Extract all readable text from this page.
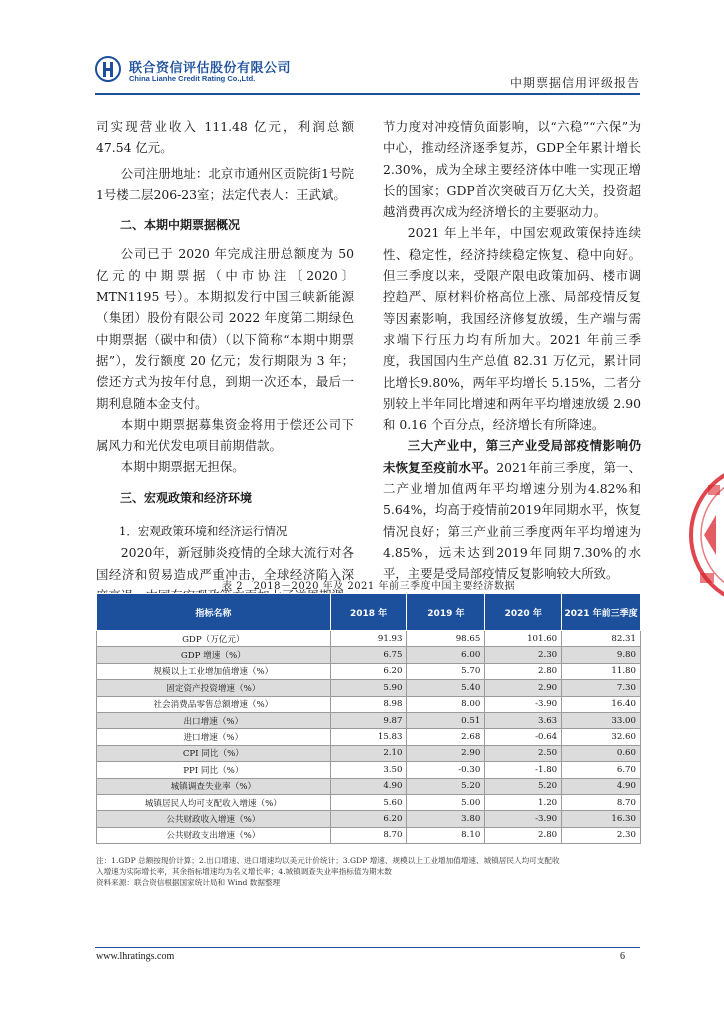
联合资信评估股份有限公司
China Lianhe Credit Rating Co.,Ltd.	中期票据信用评级报告

司实现营业收入 111.48 亿元，利润总额 47.54 亿元。

公司注册地址：北京市通州区贡院街1号院1号楼二层206-23室；法定代表人：王武斌。

二、本期中期票据概况

公司已于 2020 年完成注册总额度为 50 亿元的中期票据（中市协注〔2020〕MTN1195 号）。本期拟发行中国三峡新能源（集团）股份有限公司 2022 年度第二期绿色中期票据（碳中和债）（以下简称“本期中期票据”），发行额度 20 亿元；发行期限为 3 年；偿还方式为按年付息，到期一次还本，最后一期利息随本金支付。

本期中期票据募集资金将用于偿还公司下属风力和光伏发电项目前期借款。

本期中期票据无担保。

三、宏观政策和经济环境

1．宏观政策环境和经济运行情况

2020年，新冠肺炎疫情的全球大流行对各国经济和贸易造成严重冲击，全球经济陷入深

节力度对冲疫情负面影响，以“六稳”“六保”为中心，推动经济逐季复苏，GDP全年累计增长2.30%，成为全球主要经济体中唯一实现正增长的国家；GDP首次突破百万亿大关，投资超越消费再次成为经济增长的主要驱动力。

2021 年上半年，中国宏观政策保持连续性、稳定性，经济持续稳定恢复、稳中向好。但三季度以来，受限产限电政策加码、楼市调控趋严、原材料价格高位上涨、局部疫情反复等因素影响，我国经济修复放缓，生产端与需求端下行压力均有所加大。2021 年前三季度，我国国内生产总值 82.31 万亿元，累计同比增长9.80%，两年平均增长 5.15%，二者分别较上半年同比增速和两年平均增速放缓 2.90 和 0.16 个百分点，经济增长有所降速。

三大产业中，第三产业受局部疫情影响仍未恢复至疫前水平。2021年前三季度，第一、二产业增加值两年平均增速分别为4.82%和5.64%，均高于疫情前2019年同期水平，恢复情况良好；第三产业前三季度两年平均增速为4.85%，远未达到2019年同期7.30%的水平，主要是受局部疫情反复影响较大所致。

表 2　2018－2020 年及 2021 年前三季度中国主要经济数据
指标名称	2018 年	2019 年	2020 年	2021 年前三季度
GDP（万亿元）	91.93	98.65	101.60	82.31
GDP 增速（%）	6.75	6.00	2.30	9.80
规模以上工业增加值增速（%）	6.20	5.70	2.80	11.80
固定资产投资增速（%）	5.90	5.40	2.90	7.30
社会消费品零售总额增速（%）	8.98	8.00	-3.90	16.40
出口增速（%）	9.87	0.51	3.63	33.00
进口增速（%）	15.83	2.68	-0.64	32.60
CPI 同比（%）	2.10	2.90	2.50	0.60
PPI 同比（%）	3.50	-0.30	-1.80	6.70
城镇调查失业率（%）	4.90	5.20	5.20	4.90
城镇居民人均可支配收入增速（%）	5.60	5.00	1.20	8.70
公共财政收入增速（%）	6.20	3.80	-3.90	16.30
公共财政支出增速（%）	8.70	8.10	2.80	2.30
注：1.GDP 总额按现价计算；2.出口增速、进口增速均以美元计价统计；3.GDP 增速、规模以上工业增加值增速、城镇居民人均可支配收
入增速为实际增长率，其余指标增速均为名义增长率；4.城镇调查失业率指标值为期末数
资料来源：联合资信根据国家统计局和 Wind 数据整理
www.lhratings.com	6
